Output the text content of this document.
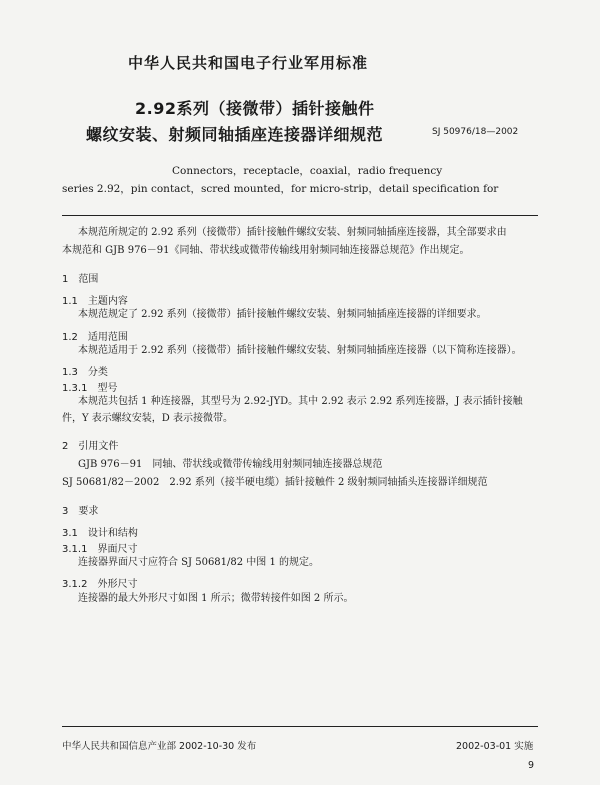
中华人民共和国电子行业军用标准
2.92系列（接微带）插针接触件
螺纹安装、射频同轴插座连接器详细规范	SJ 50976/18—2002
Connectors，receptacle，coaxial，radio frequency
series 2.92，pin contact，scred mounted，for micro-strip，detail specification for
本规范所规定的 2.92 系列（接微带）插针接触件螺纹安装、射频同轴插座连接器，其全部要求由
本规范和 GJB 976－91《同轴、带状线或微带传输线用射频同轴连接器总规范》作出规定。
1　范围
1.1　主题内容
本规范规定了 2.92 系列（接微带）插针接触件螺纹安装、射频同轴插座连接器的详细要求。
1.2　适用范围
本规范适用于 2.92 系列（接微带）插针接触件螺纹安装、射频同轴插座连接器（以下简称连接器）。
1.3　分类
1.3.1　型号
本规范共包括 1 种连接器，其型号为 2.92-JYD。其中 2.92 表示 2.92 系列连接器，J 表示插针接触
件，Y 表示螺纹安装，D 表示接微带。
2　引用文件
GJB 976－91　同轴、带状线或微带传输线用射频同轴连接器总规范
SJ 50681/82－2002　2.92 系列（接半硬电缆）插针接触件 2 级射频同轴插头连接器详细规范
3　要求
3.1　设计和结构
3.1.1　界面尺寸
连接器界面尺寸应符合 SJ 50681/82 中图 1 的规定。
3.1.2　外形尺寸
连接器的最大外形尺寸如图 1 所示；微带转接件如图 2 所示。
中华人民共和国信息产业部 2002-10-30 发布	2002-03-01 实施
9
